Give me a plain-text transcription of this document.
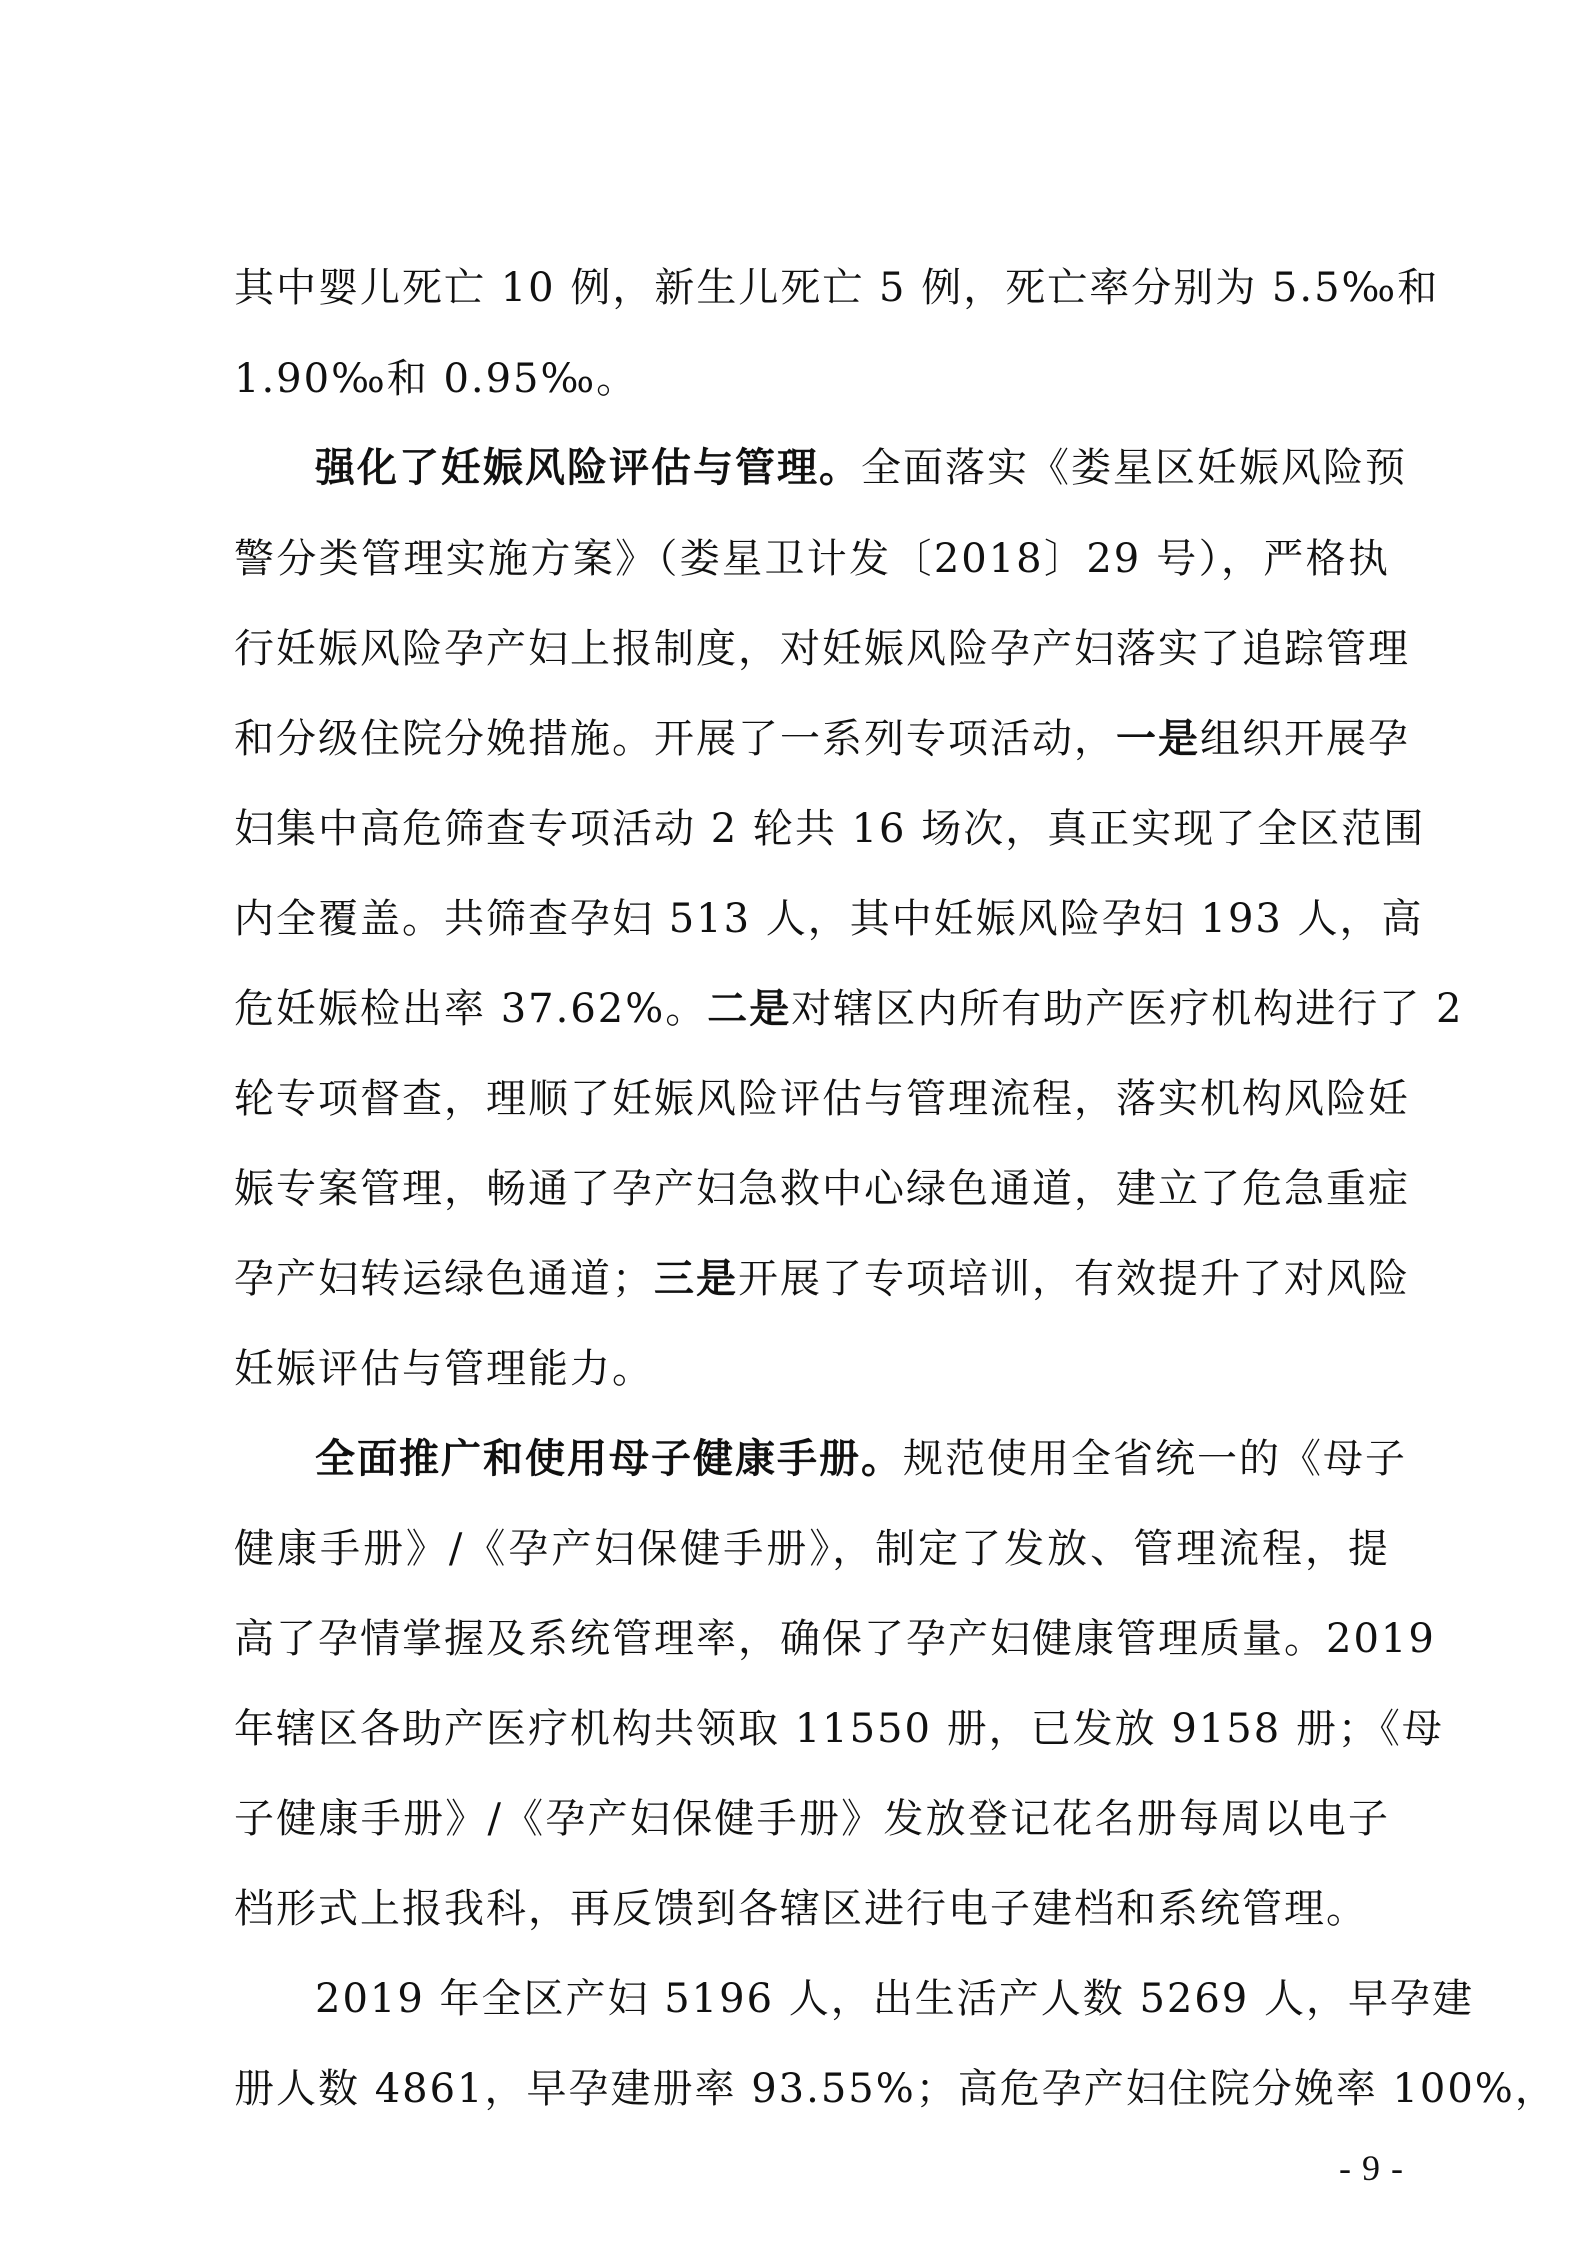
其中婴儿死亡 10 例，新生儿死亡 5 例，死亡率分别为 5.5‰和
1.90‰和 0.95‰。
强化了妊娠风险评估与管理。全面落实《娄星区妊娠风险预
警分类管理实施方案》（娄星卫计发〔2018〕29 号），严格执
行妊娠风险孕产妇上报制度，对妊娠风险孕产妇落实了追踪管理
和分级住院分娩措施。开展了一系列专项活动，一是组织开展孕
妇集中高危筛查专项活动 2 轮共 16 场次，真正实现了全区范围
内全覆盖。共筛查孕妇 513 人，其中妊娠风险孕妇 193 人，高
危妊娠检出率 37.62%。二是对辖区内所有助产医疗机构进行了 2
轮专项督查，理顺了妊娠风险评估与管理流程，落实机构风险妊
娠专案管理，畅通了孕产妇急救中心绿色通道，建立了危急重症
孕产妇转运绿色通道；三是开展了专项培训，有效提升了对风险
妊娠评估与管理能力。
全面推广和使用母子健康手册。规范使用全省统一的《母子
健康手册》/《孕产妇保健手册》，制定了发放、管理流程，提
高了孕情掌握及系统管理率，确保了孕产妇健康管理质量。2019
年辖区各助产医疗机构共领取 11550 册，已发放 9158 册；《母
子健康手册》/《孕产妇保健手册》发放登记花名册每周以电子
档形式上报我科，再反馈到各辖区进行电子建档和系统管理。
2019 年全区产妇 5196 人，出生活产人数 5269 人，早孕建
册人数 4861，早孕建册率 93.55%；高危孕产妇住院分娩率 100%，
- 9 -
